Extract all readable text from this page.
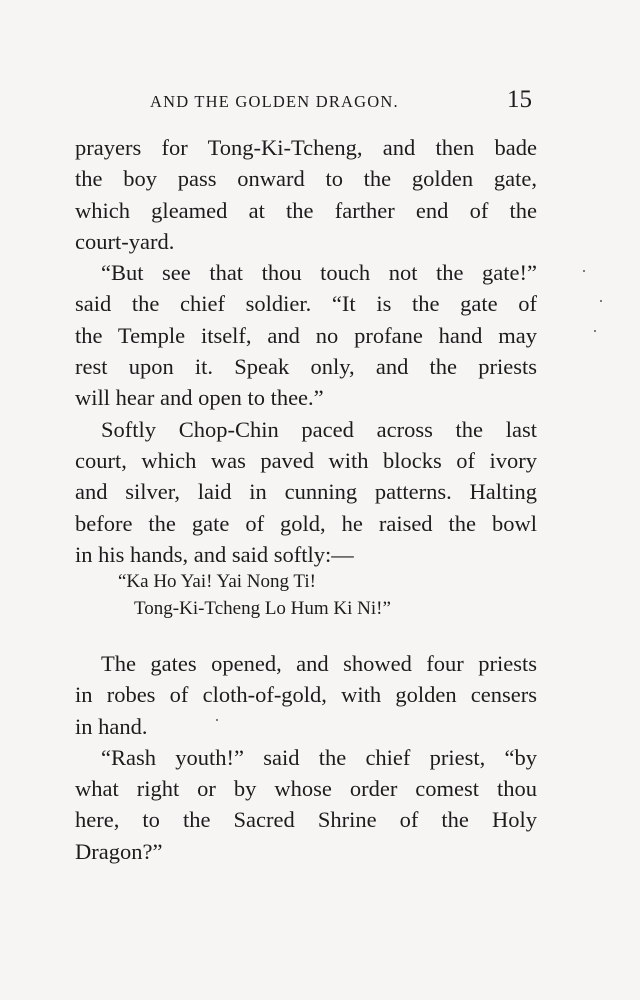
AND THE GOLDEN DRAGON.	15
prayers for Tong-Ki-Tcheng, and then bade
the boy pass onward to the golden gate,
which gleamed at the farther end of the
court-yard.
“But see that thou touch not the gate!”
said the chief soldier. “It is the gate of
the Temple itself, and no profane hand may
rest upon it. Speak only, and the priests
will hear and open to thee.”
Softly Chop-Chin paced across the last
court, which was paved with blocks of ivory
and silver, laid in cunning patterns. Halting
before the gate of gold, he raised the bowl
in his hands, and said softly:—
“Ka Ho Yai! Yai Nong Ti!
Tong-Ki-Tcheng Lo Hum Ki Ni!”
The gates opened, and showed four priests
in robes of cloth-of-gold, with golden censers
in hand.
“Rash youth!” said the chief priest, “by
what right or by whose order comest thou
here, to the Sacred Shrine of the Holy
Dragon?”
